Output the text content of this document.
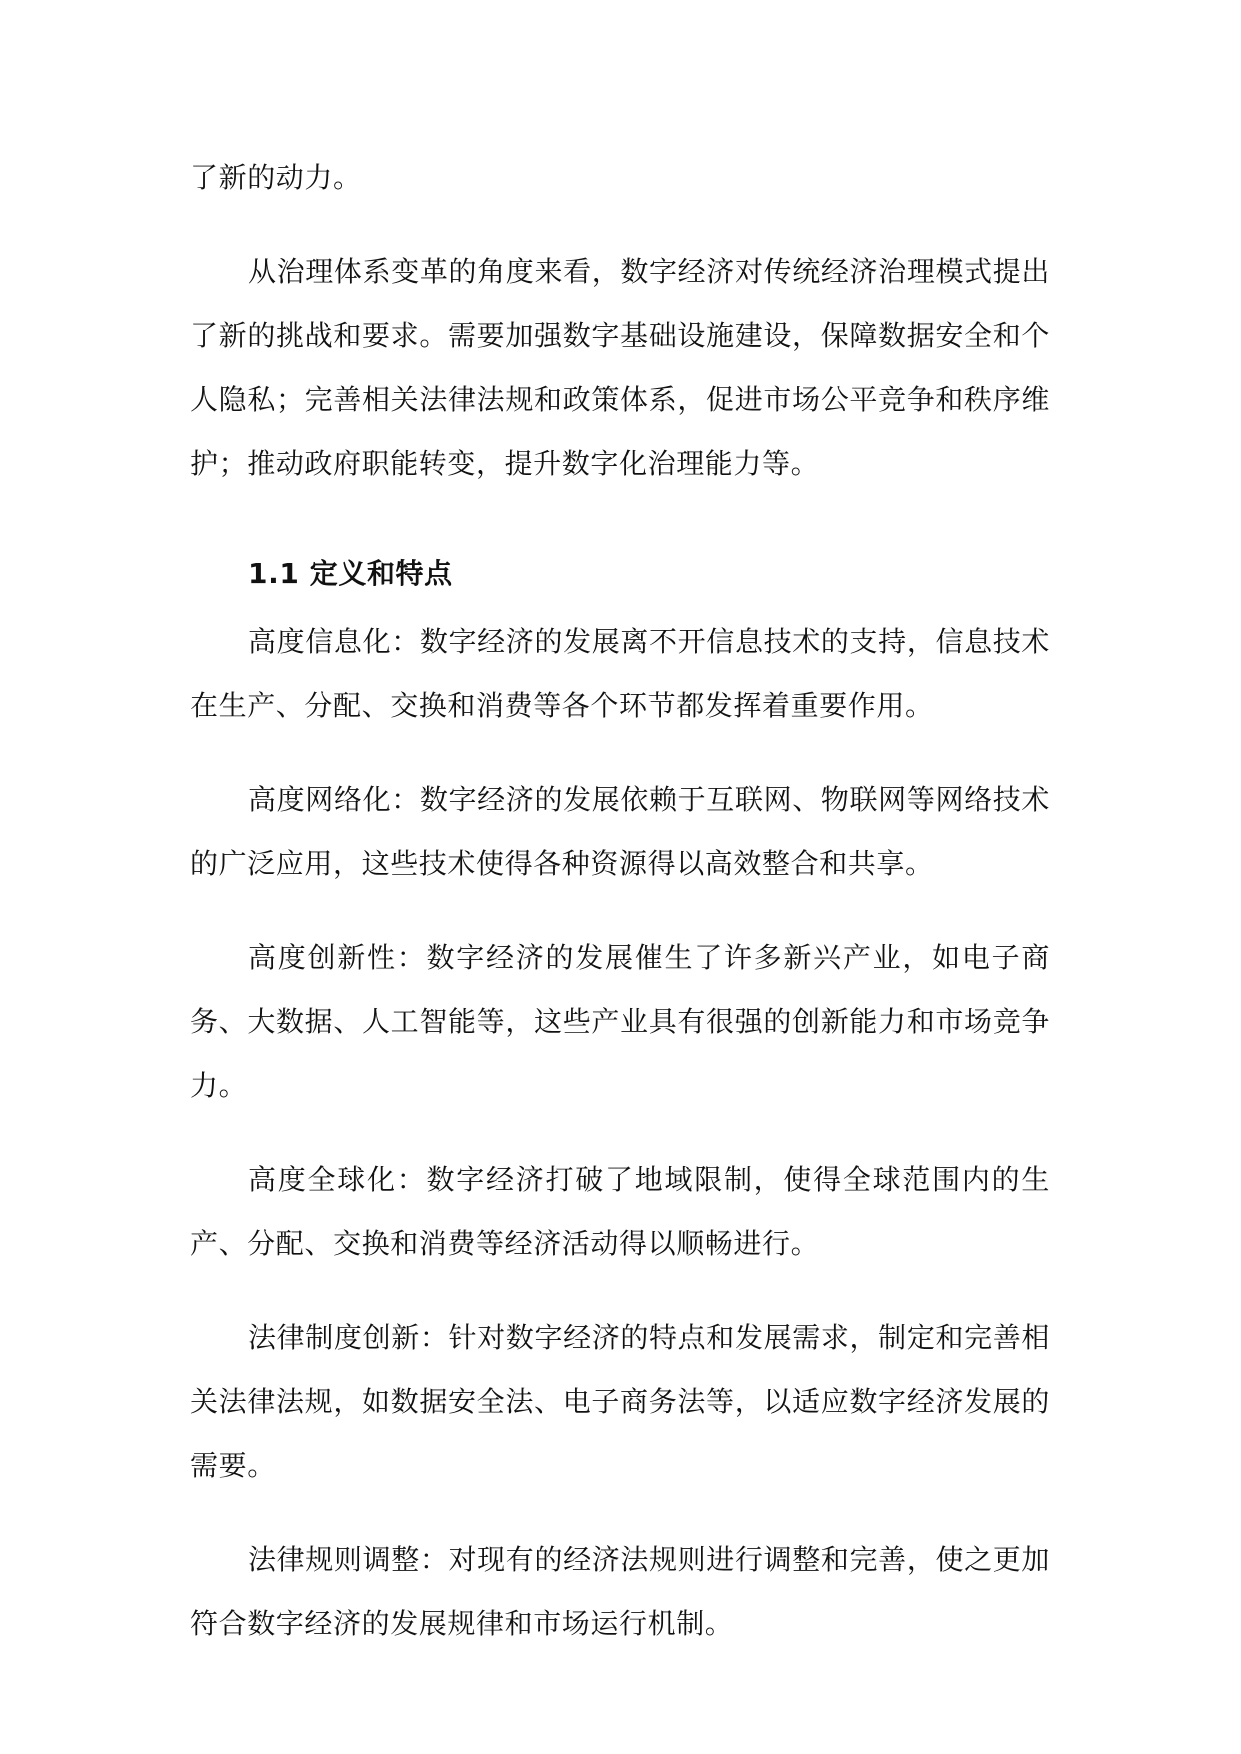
了新的动力。

从治理体系变革的角度来看，数字经济对传统经济治理模式提出了新的挑战和要求。需要加强数字基础设施建设，保障数据安全和个人隐私；完善相关法律法规和政策体系，促进市场公平竞争和秩序维护；推动政府职能转变，提升数字化治理能力等。

1.1 定义和特点

高度信息化：数字经济的发展离不开信息技术的支持，信息技术在生产、分配、交换和消费等各个环节都发挥着重要作用。

高度网络化：数字经济的发展依赖于互联网、物联网等网络技术的广泛应用，这些技术使得各种资源得以高效整合和共享。

高度创新性：数字经济的发展催生了许多新兴产业，如电子商务、大数据、人工智能等，这些产业具有很强的创新能力和市场竞争力。

高度全球化：数字经济打破了地域限制，使得全球范围内的生产、分配、交换和消费等经济活动得以顺畅进行。

法律制度创新：针对数字经济的特点和发展需求，制定和完善相关法律法规，如数据安全法、电子商务法等，以适应数字经济发展的需要。

法律规则调整：对现有的经济法规则进行调整和完善，使之更加符合数字经济的发展规律和市场运行机制。
